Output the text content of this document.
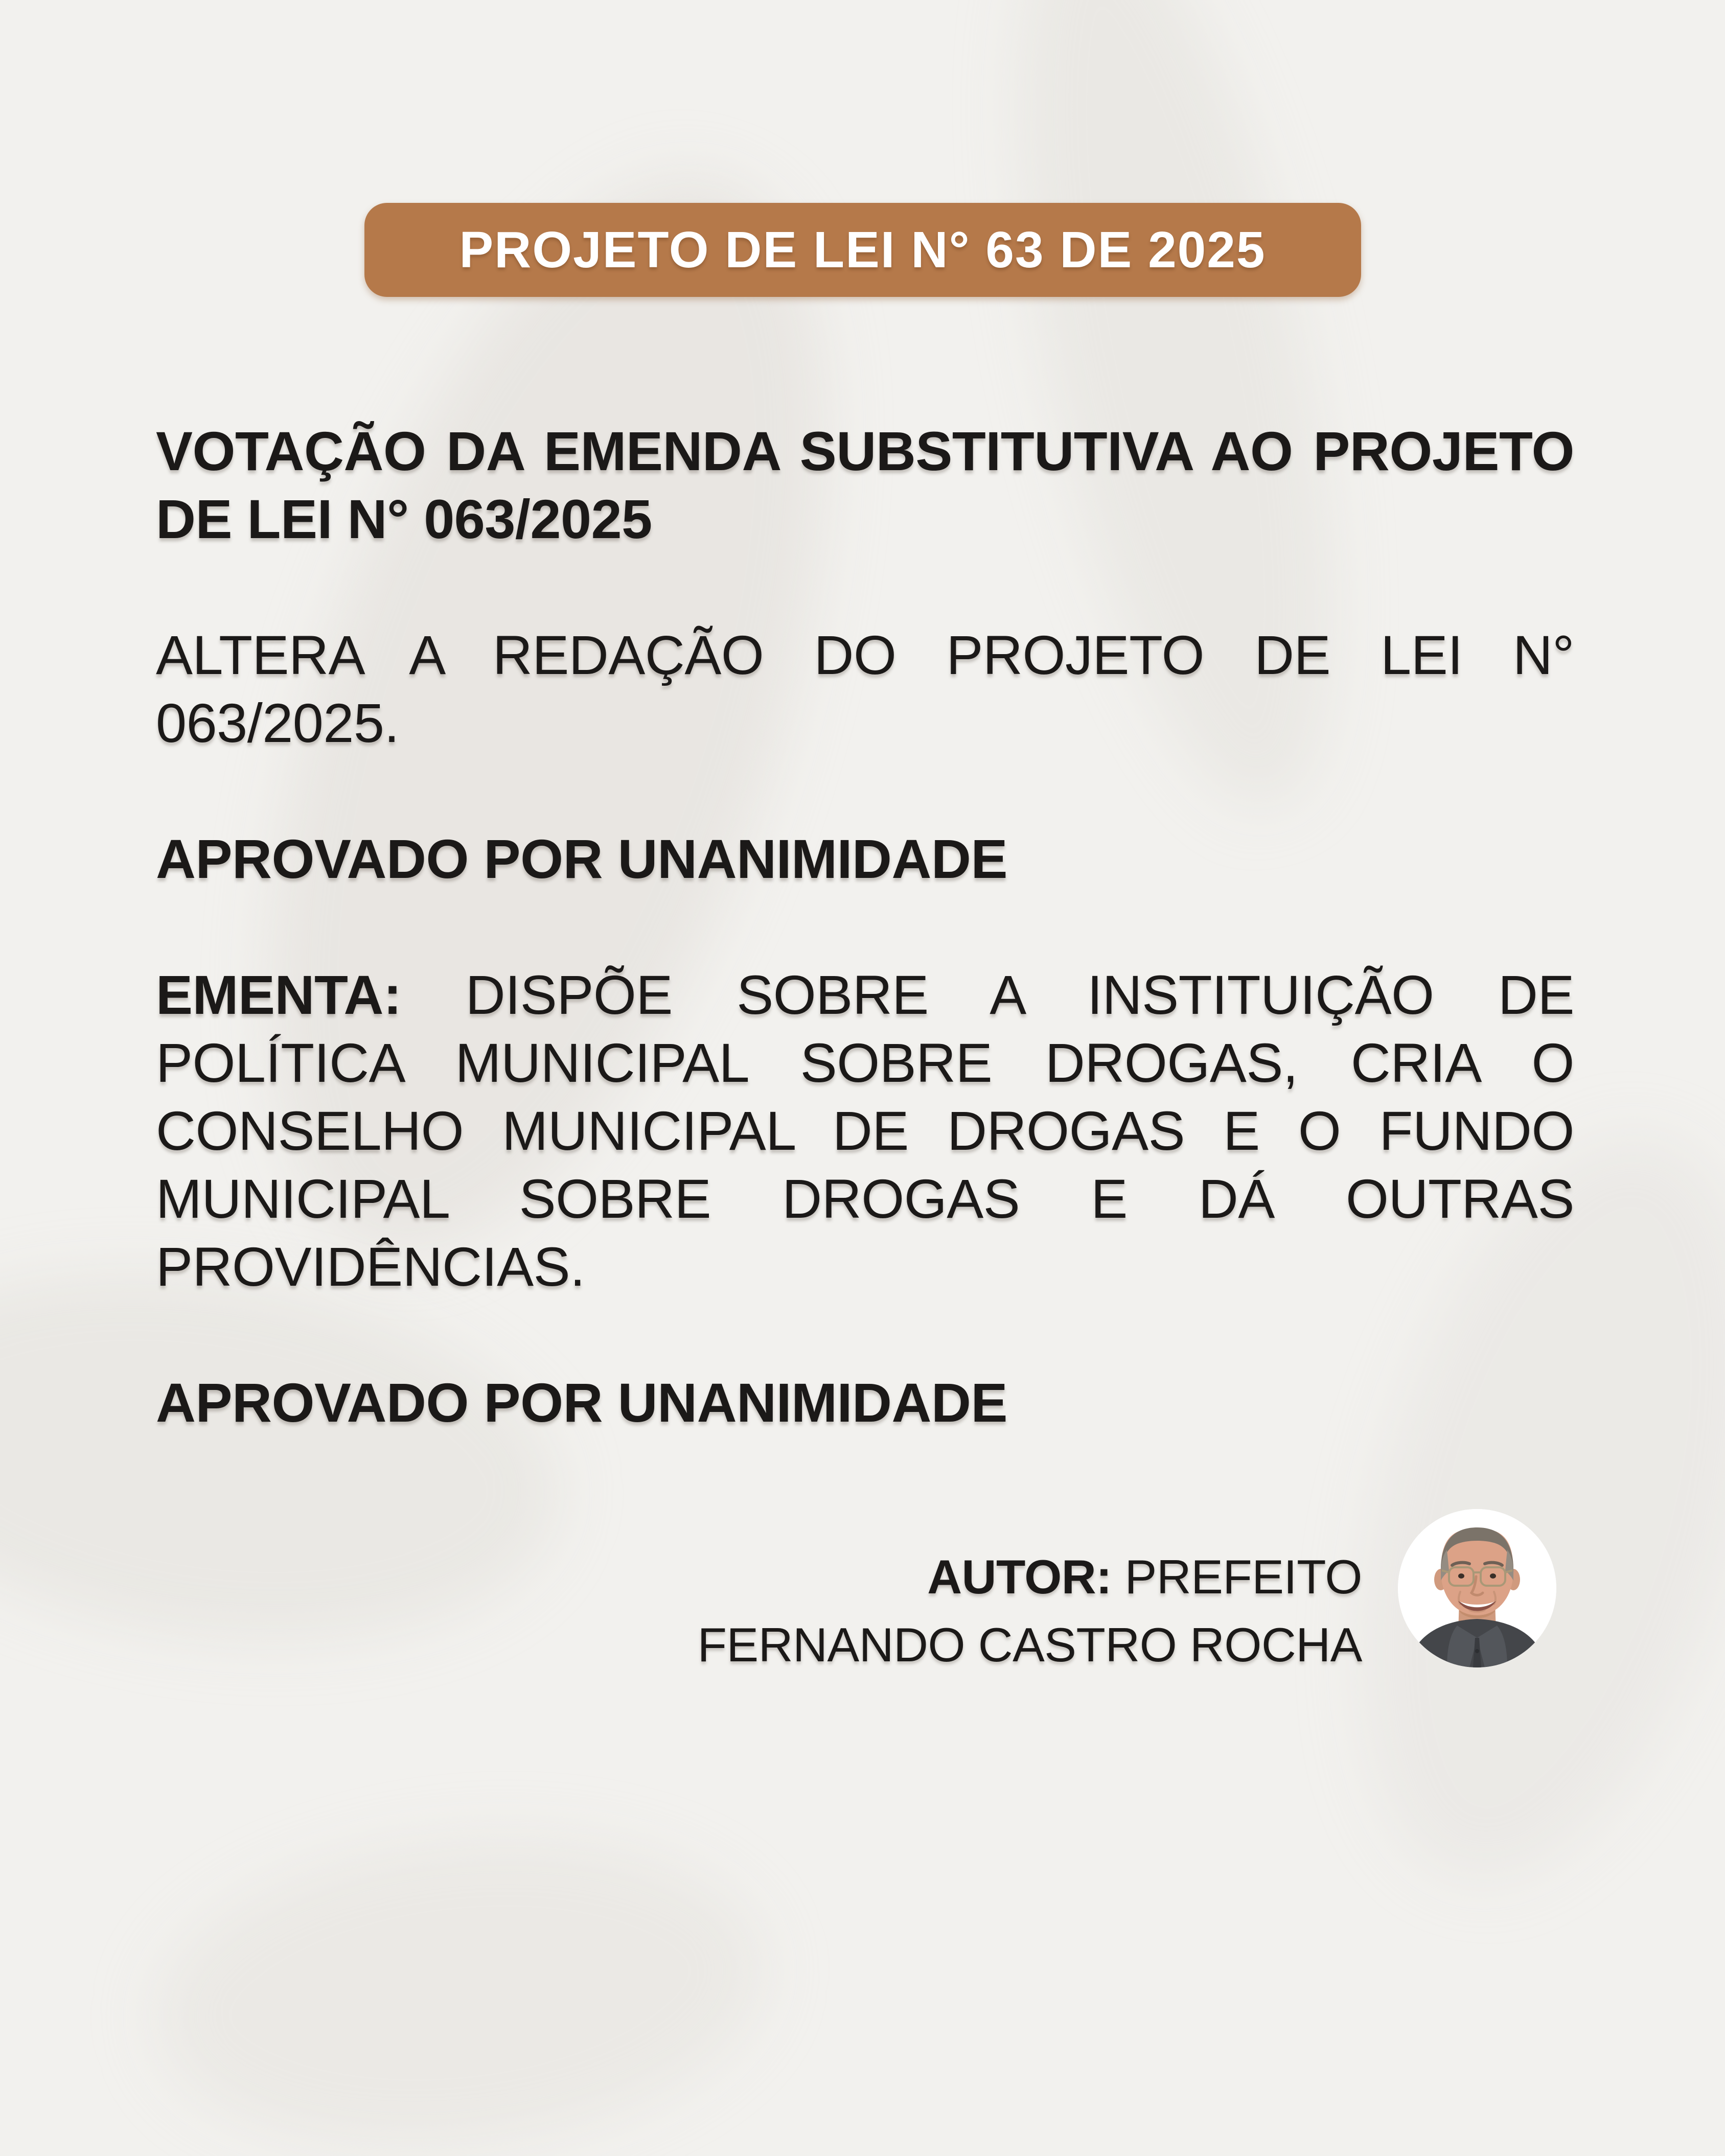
PROJETO DE LEI N° 63 DE 2025

VOTAÇÃO DA EMENDA SUBSTITUTIVA AO PROJETO DE LEI N° 063/2025

ALTERA A REDAÇÃO DO PROJETO DE LEI N° 063/2025.

APROVADO POR UNANIMIDADE

EMENTA: DISPÕE SOBRE A INSTITUIÇÃO DE POLÍTICA MUNICIPAL SOBRE DROGAS, CRIA O CONSELHO MUNICIPAL DE DROGAS E O FUNDO MUNICIPAL SOBRE DROGAS E DÁ OUTRAS PROVIDÊNCIAS.

APROVADO POR UNANIMIDADE

AUTOR: PREFEITO
FERNANDO CASTRO ROCHA
